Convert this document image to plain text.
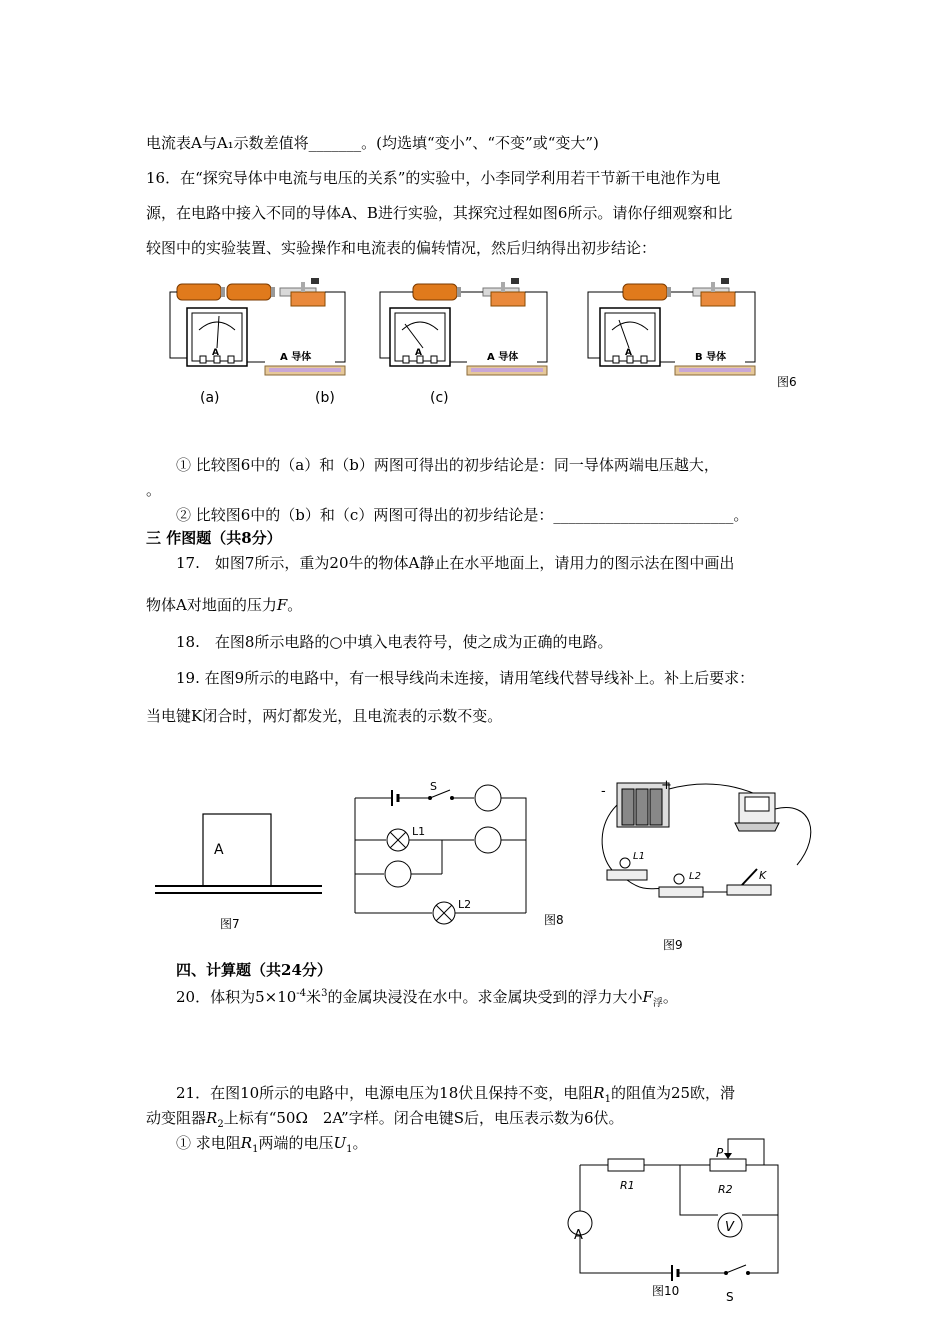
电流表A与A₁示数差值将_______。(均选填“变小”、“不变”或“变大”)
16．在“探究导体中电流与电压的关系”的实验中，小李同学利用若干节新干电池作为电
源，在电路中接入不同的导体A、B进行实验，其探究过程如图6所示。请你仔细观察和比
较图中的实验装置、实验操作和电流表的偏转情况，然后归纳得出初步结论：
A	A 导体	A	A 导体	A	B 导体
(a)	(b)	(c)
图6
① 比较图6中的（a）和（b）两图可得出的初步结论是：同一导体两端电压越大，
。
② 比较图6中的（b）和（c）两图可得出的初步结论是：________________________。
三 作图题（共8分）
17.　如图7所示，重为20牛的物体A静止在水平地面上，请用力的图示法在图中画出
物体A对地面的压力F。
18.　在图8所示电路的○中填入电表符号，使之成为正确的电路。
19. 在图9所示的电路中，有一根导线尚未连接，请用笔线代替导线补上。补上后要求：
当电键K闭合时，两灯都发光，且电流表的示数不变。
A
图7
S
L1
L2
图8
-	+
L1
L2	K
图9
四、计算题（共24分）
20．体积为$5\times 10^{-4}$米$^3$的金属块浸没在水中。求金属块受到的浮力大小$F_浮$。
21．在图10所示的电路中，电源电压为18伏且保持不变，电阻$R_1$的阻值为25欧，滑
动变阻器$R_2$上标有“50Ω　2A”字样。闭合电键S后，电压表示数为6伏。
① 求电阻$R_1$两端的电压$U_1$。
P
R1	R2
V
A
S
图10
